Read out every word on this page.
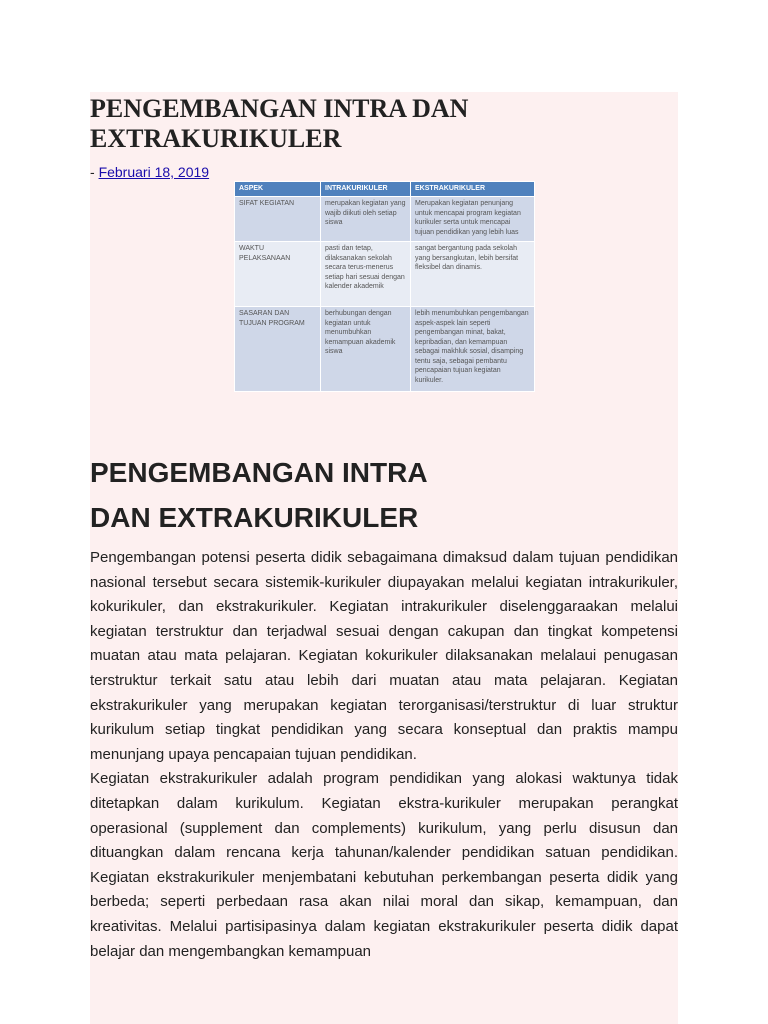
PENGEMBANGAN INTRA DAN EXTRAKURIKULER
- Februari 18, 2019
ASPEK	INTRAKURIKULER	EKSTRAKURIKULER
SIFAT KEGIATAN	merupakan kegiatan yang wajib diikuti oleh setiap siswa	Merupakan kegiatan penunjang untuk mencapai program kegiatan kurikuler serta untuk mencapai tujuan pendidikan yang lebih luas
WAKTU PELAKSANAAN	pasti dan tetap, dilaksanakan sekolah secara terus-menerus setiap hari sesuai dengan kalender akademik	sangat bergantung pada sekolah yang bersangkutan, lebih bersifat fleksibel dan dinamis.
SASARAN DAN TUJUAN PROGRAM	berhubungan dengan kegiatan untuk menumbuhkan kemampuan akademik siswa	lebih menumbuhkan pengembangan aspek-aspek lain seperti pengembangan minat, bakat, kepribadian, dan kemampuan sebagai makhluk sosial, disamping tentu saja, sebagai pembantu pencapaian tujuan kegiatan kurikuler.
PENGEMBANGAN INTRA
DAN EXTRAKURIKULER

Pengembangan potensi peserta didik sebagaimana dimaksud dalam tujuan pendidikan nasional tersebut secara sistemik-kurikuler diupayakan melalui kegiatan intrakurikuler, kokurikuler, dan ekstrakurikuler. Kegiatan intrakurikuler diselenggaraakan melalui kegiatan terstruktur dan terjadwal sesuai dengan cakupan dan tingkat kompetensi muatan atau mata pelajaran. Kegiatan kokurikuler dilaksanakan melalaui penugasan terstruktur terkait satu atau lebih dari muatan atau mata pelajaran. Kegiatan ekstrakurikuler yang merupakan kegiatan terorganisasi/terstruktur di luar struktur kurikulum setiap tingkat pendidikan yang secara konseptual dan praktis mampu menunjang upaya pencapaian tujuan pendidikan.

Kegiatan ekstrakurikuler adalah program pendidikan yang alokasi waktunya tidak ditetapkan dalam kurikulum. Kegiatan ekstra-kurikuler merupakan perangkat operasional (supplement dan complements) kurikulum, yang perlu disusun dan dituangkan dalam rencana kerja tahunan/kalender pendidikan satuan pendidikan. Kegiatan ekstrakurikuler menjembatani kebutuhan perkembangan peserta didik yang berbeda; seperti perbedaan rasa akan nilai moral dan sikap, kemampuan, dan kreativitas. Melalui partisipasinya dalam kegiatan ekstrakurikuler peserta didik dapat belajar dan mengembangkan kemampuan
